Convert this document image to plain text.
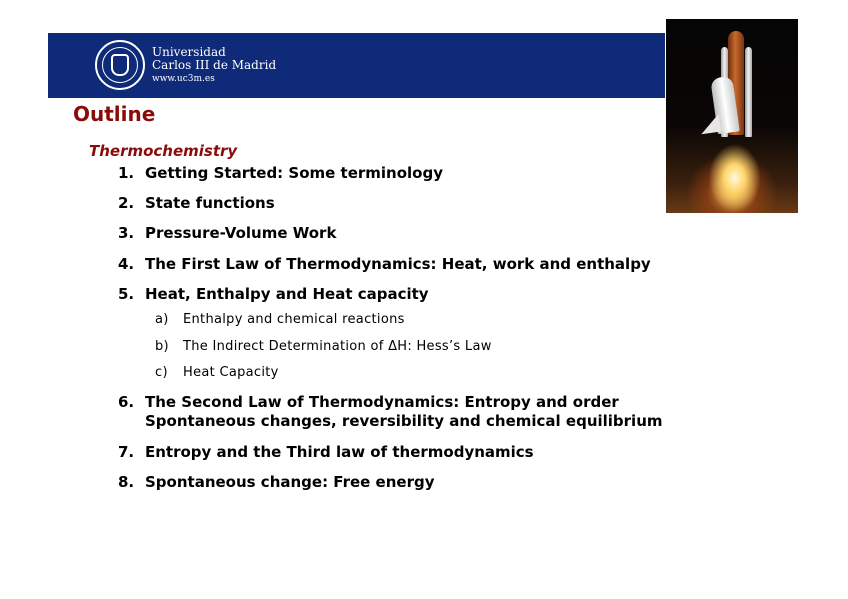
Universidad
Carlos III de Madrid
www.uc3m.es
Outline
Thermochemistry
1. Getting Started: Some terminology
2. State functions
3. Pressure-Volume Work
4. The First Law of Thermodynamics: Heat, work and enthalpy
5. Heat, Enthalpy and Heat capacity
a) Enthalpy and chemical reactions
b) The Indirect Determination of ΔH: Hess’s Law
c) Heat Capacity
6. The Second Law of Thermodynamics: Entropy and order
Spontaneous changes, reversibility and chemical equilibrium
7. Entropy and the Third law of thermodynamics
8. Spontaneous change: Free energy
